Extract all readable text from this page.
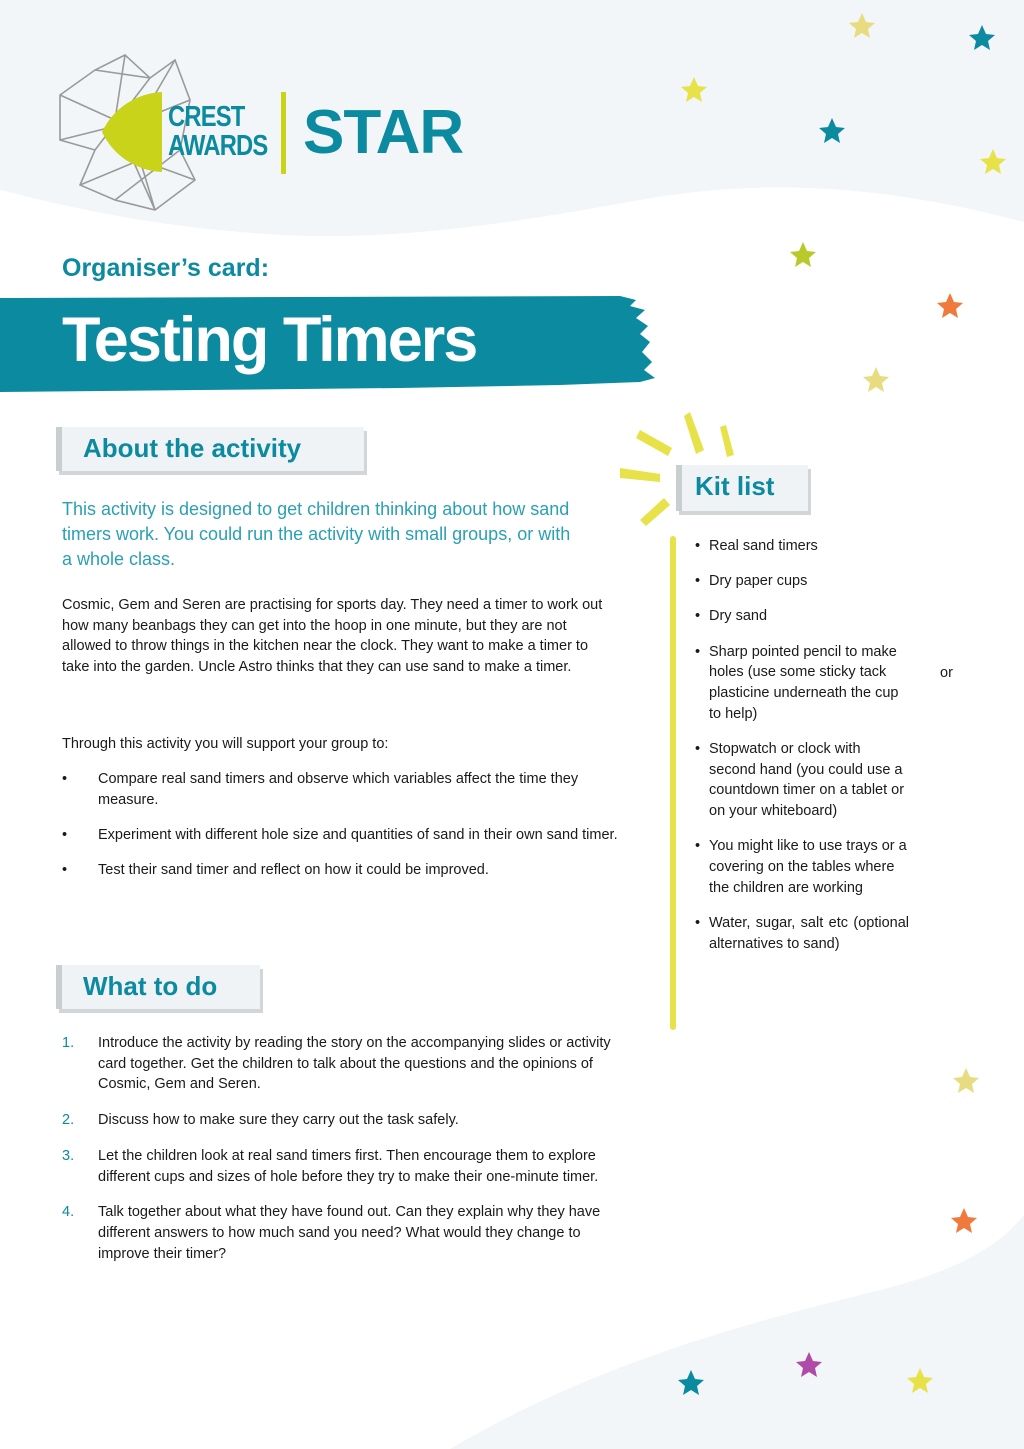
CREST
AWARDS STAR
Organiser’s card:
Testing Timers
About the activity
This activity is designed to get children thinking about how sand timers work. You could run the activity with small groups, or with a whole class.
Cosmic, Gem and Seren are practising for sports day. They need a timer to work out how many beanbags they can get into the hoop in one minute, but they are not allowed to throw things in the kitchen near the clock. They want to make a timer to take into the garden. Uncle Astro thinks that they can use sand to make a timer.
Through this activity you will support your group to:
• Compare real sand timers and observe which variables affect the time they measure.
• Experiment with different hole size and quantities of sand in their own sand timer.
• Test their sand timer and reflect on how it could be improved.
What to do
1. Introduce the activity by reading the story on the accompanying slides or activity card together. Get the children to talk about the questions and the opinions of Cosmic, Gem and Seren.
2. Discuss how to make sure they carry out the task safely.
3. Let the children look at real sand timers first. Then encourage them to explore different cups and sizes of hole before they try to make their one-minute timer.
4. Talk together about what they have found out. Can they explain why they have different answers to how much sand you need? What would they change to improve their timer?
Kit list
• Real sand timers
• Dry paper cups
• Dry sand
• Sharp pointed pencil to make holes (use some sticky tack plasticine underneath the cup to help)
• Stopwatch or clock with second hand (you could use a countdown timer on a tablet or on your whiteboard)
• You might like to use trays or a covering on the tables where the children are working
• Water, sugar, salt etc (optional alternatives to sand)
or
